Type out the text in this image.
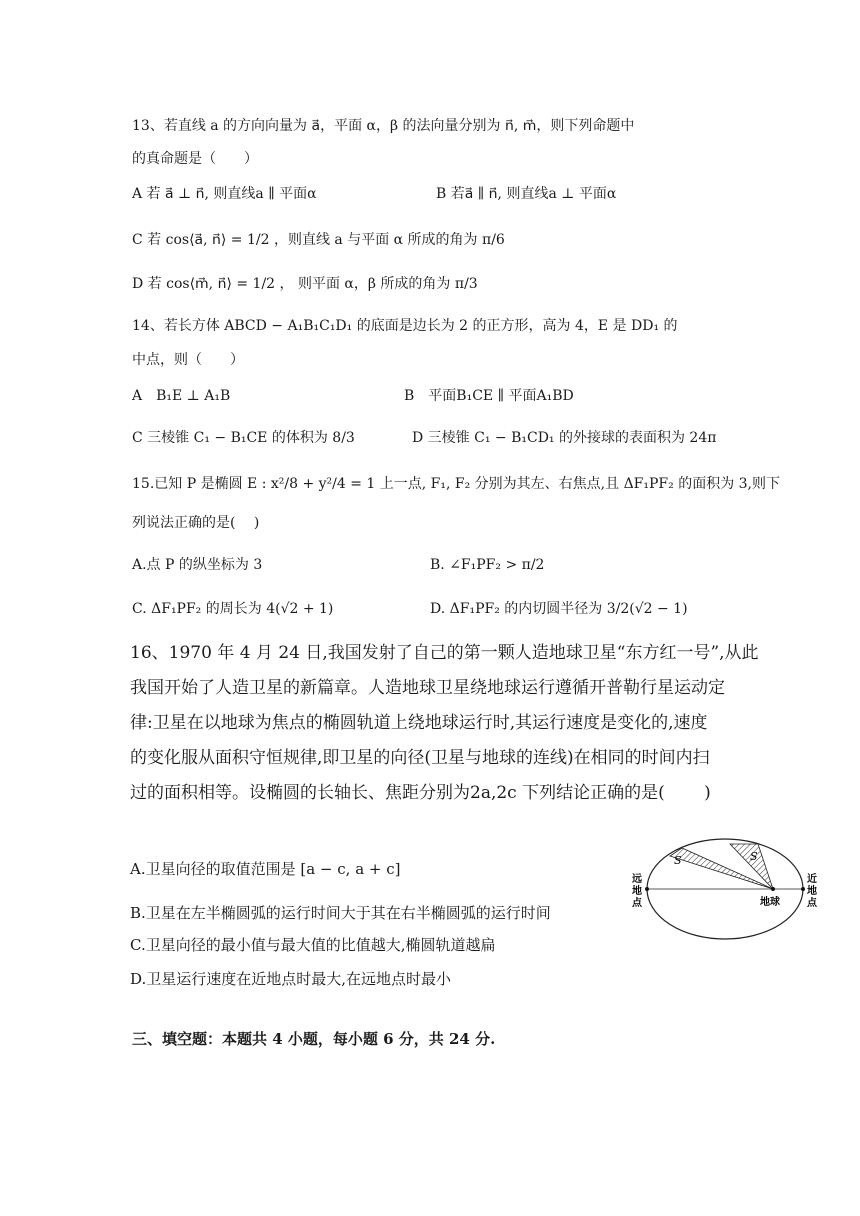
13、若直线 a 的方向向量为 a⃗，平面 α，β 的法向量分别为 n⃗, m⃗，则下列命题中
的真命题是（　　）
A 若 a⃗ ⊥ n⃗, 则直线a ∥ 平面α	B 若a⃗ ∥ n⃗, 则直线a ⊥ 平面α
C 若 cos⟨a⃗, n⃗⟩ = 1/2 ，则直线 a 与平面 α 所成的角为 π/6
D 若 cos⟨m⃗, n⃗⟩ = 1/2 ， 则平面 α，β 所成的角为 π/3
14、若长方体 ABCD − A₁B₁C₁D₁ 的底面是边长为 2 的正方形，高为 4，E 是 DD₁ 的
中点，则（　　）
A　B₁E ⊥ A₁B	B　平面B₁CE ∥ 平面A₁BD
C 三棱锥 C₁ − B₁CE 的体积为 8/3	D 三棱锥 C₁ − B₁CD₁ 的外接球的表面积为 24π
15.已知 P 是椭圆 E : x²/8 + y²/4 = 1 上一点, F₁, F₂ 分别为其左、右焦点,且 ΔF₁PF₂ 的面积为 3,则下
列说法正确的是(　 )
A.点 P 的纵坐标为 3	B. ∠F₁PF₂ > π/2
C. ΔF₁PF₂ 的周长为 4(√2 + 1)	D. ΔF₁PF₂ 的内切圆半径为 3/2(√2 − 1)
16、1970 年 4 月 24 日,我国发射了自己的第一颗人造地球卫星“东方红一号”,从此
我国开始了人造卫星的新篇章。人造地球卫星绕地球运行遵循开普勒行星运动定
律:卫星在以地球为焦点的椭圆轨道上绕地球运行时,其运行速度是变化的,速度
的变化服从面积守恒规律,即卫星的向径(卫星与地球的连线)在相同的时间内扫
过的面积相等。设椭圆的长轴长、焦距分别为2a,2c 下列结论正确的是(　　 )
A.卫星向径的取值范围是 [a − c, a + c]
B.卫星在左半椭圆弧的运行时间大于其在右半椭圆弧的运行时间
C.卫星向径的最小值与最大值的比值越大,椭圆轨道越扁
D.卫星运行速度在近地点时最大,在远地点时最小
S	S
远
地
点
近
地
点
地球
三、填空题：本题共 4 小题，每小题 6 分，共 24 分.
